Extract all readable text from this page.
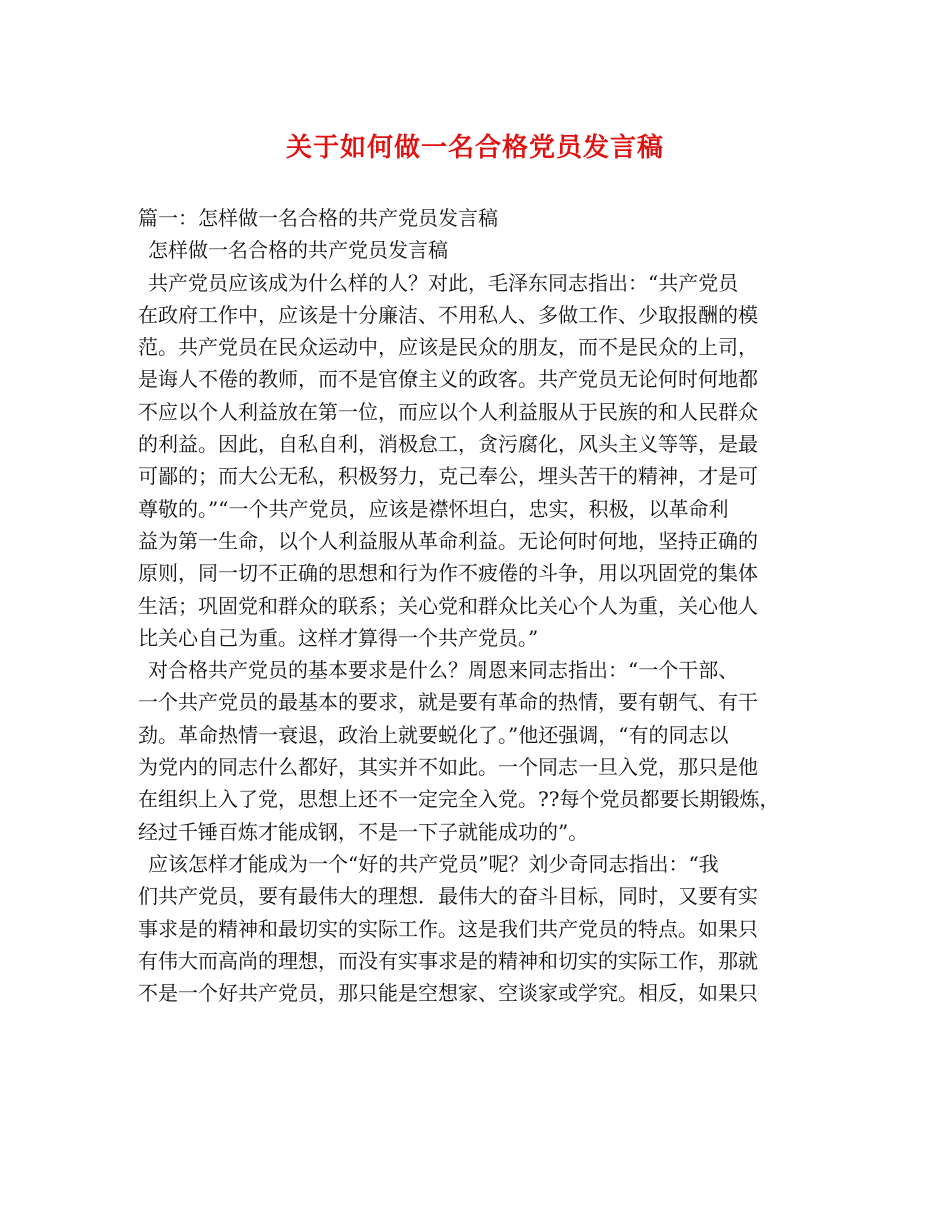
关于如何做一名合格党员发言稿
篇一：怎样做一名合格的共产党员发言稿
怎样做一名合格的共产党员发言稿
共产党员应该成为什么样的人？对此，毛泽东同志指出：“共产党员
在政府工作中，应该是十分廉洁、不用私人、多做工作、少取报酬的模
范。共产党员在民众运动中，应该是民众的朋友，而不是民众的上司，
是诲人不倦的教师，而不是官僚主义的政客。共产党员无论何时何地都
不应以个人利益放在第一位，而应以个人利益服从于民族的和人民群众
的利益。因此，自私自利，消极怠工，贪污腐化，风头主义等等，是最
可鄙的；而大公无私，积极努力，克己奉公，埋头苦干的精神，才是可
尊敬的。”“一个共产党员，应该是襟怀坦白，忠实，积极，以革命利
益为第一生命，以个人利益服从革命利益。无论何时何地，坚持正确的
原则，同一切不正确的思想和行为作不疲倦的斗争，用以巩固党的集体
生活；巩固党和群众的联系；关心党和群众比关心个人为重，关心他人
比关心自己为重。这样才算得一个共产党员。”
对合格共产党员的基本要求是什么？周恩来同志指出：“一个干部、
一个共产党员的最基本的要求，就是要有革命的热情，要有朝气、有干
劲。革命热情一衰退，政治上就要蜕化了。”他还强调，“有的同志以
为党内的同志什么都好，其实并不如此。一个同志一旦入党，那只是他
在组织上入了党，思想上还不一定完全入党。??每个党员都要长期锻炼，
经过千锤百炼才能成钢，不是一下子就能成功的”。
应该怎样才能成为一个“好的共产党员”呢？刘少奇同志指出：“我
们共产党员，要有最伟大的理想．最伟大的奋斗目标，同时，又要有实
事求是的精神和最切实的实际工作。这是我们共产党员的特点。如果只
有伟大而高尚的理想，而没有实事求是的精神和切实的实际工作，那就
不是一个好共产党员，那只能是空想家、空谈家或学究。相反，如果只
